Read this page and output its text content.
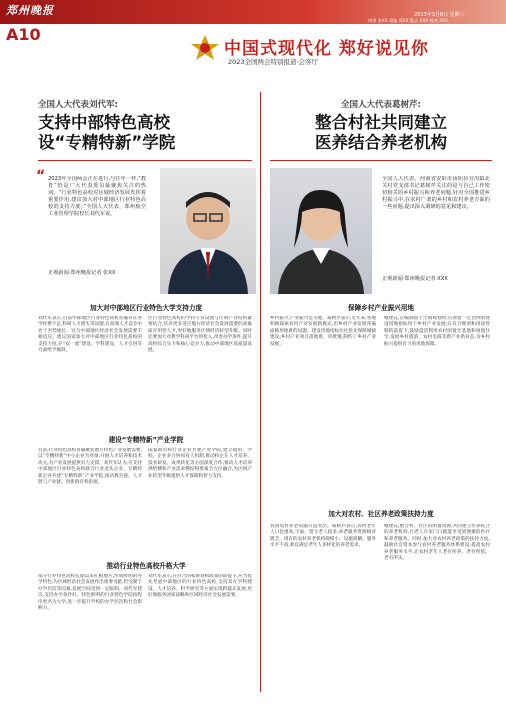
郑州晚报
A10
2023年3月8日 星期三
统筹 张XX 责编 郑XX 版式 XXX 校对 XXX
中国式现代化 郑好说见你
2023全国两会特别报道·会客厅
全国人大代表刘代军:
支持中部特色高校
设“专精特新”学院
“ 2023年全国两会正在进行,与往年一样,“教育”仍是广大代表委员最聚焦关注的热词。“行业特色高校对区域经济发展发挥着重要作用,建议加大对中部地区行业特色高校的支持力度。”全国人大代表、郑州航空工业管理学院校长刘代军说。
正观新闻·郑州晚报记者 张XX
加大对中部地区行业特色大学支持力度
刘代军表示,目前中部地区行业特色高校普遍存在办学经费不足,科研人才流失等问题,在高端人才竞争中处于劣势地位。这与中部地区经济社会发展需要不相适应。建议国家加大对中部地区行业特色高校的支持力度,在“双一流”建设、学科建设、人才引进等方面给予倾斜。
区行业特色高校的学科专业设置与区域产业结构紧密结合,培养更多适应地方经济社会发展需要的高素质应用型人才,更好地服务区域经济转型升级。同时还要加大对教学科研平台的投入,改善办学条件,提升高校综合实力和核心竞争力,推动中部地区高质量发展。
建设“专精特新”产业学院
目前,行业特色高校普遍聚焦地方特色产业发展需要,以“专精特新”中小企业为对象,开展人才培养和技术攻关,为产业发展提供有力支撑。刘代军认为,应支持中部地区行业特色高校联合行业龙头企业、专精特新企业共建“专精特新”产业学院,推动教育链、人才链与产业链、创新链有机衔接。
依靠政府和行业企业共建产业学院,建立政府、学校、企业多方协同育人机制,推动校企在人才培养、技术研发、成果转化等方面深度合作,推动人才培养供给侧和产业需求侧结构要素全方位融合,为区域产业转型升级提供人才保障和智力支持。
推动行业特色高校升格大学
部分行业特色高校长期以来扎根地方,形成鲜明的办学特色,为区域经济社会发展作出重要贡献,但受制于办学层次等因素,发展空间受到一定限制。刘代军建议,支持办学条件好、特色鲜明的行业特色学院按程序更名为大学,进一步提升学校的办学层次和社会影响力。
刘代军表示,在符合国家规划和政策的前提下,应当优先考虑中部地区的行业特色高校,支持其在学科建设、人才培养、科学研究等方面实现跨越式发展,更好地服务国家战略和区域经济社会发展需要。
全国人大代表葛树芹:
整合村社共同建立
医养结合养老机构
全国人大代表、河南省安阳市汤阴县宜沟镇北关村党支部书记葛树芹关注的是与自己工作密切相关的乡村振兴和养老问题,针对全国推进乡村振兴中,在农村广袤的乡村和农村养老方面的一些问题,提出深入调研的意见和建议。
正观新闻·郑州晚报记者 XXX
保障乡村产业振兴用地
乡村振兴,产业振兴是关键。葛树芹表示,近年来,各地积极探索农村产业发展新模式,但乡村产业发展普遍面临用地难的问题。建设用地指标往往优先保障城镇建设,乡村产业项目落地难、审批慢,制约了乡村产业发展。
她建议,在编制国土空间规划时,应预留一定比例的建设用地指标用于乡村产业发展;在符合规划和用途管制的前提下,鼓励盘活利用农村闲置宅基地和闲置住宅,发展乡村旅游、农村电商等新产业新业态,为乡村振兴提供有力的用地保障。
加大对农村、社区养老政策扶持力度
我国农村养老问题日益突出。葛树芹表示,农村老年人口比重高,空巢、留守老人较多,养老服务资源相对匮乏。现有的农村养老机构规模小、设施简陋、服务水平不高,难以满足老年人多样化的养老需求。
她建议,整合村、社区的闲置资源,共同建立医养结合的养老机构,让老人在家门口就能享受到便捷的医疗和养老服务。同时,加大对农村养老政策的扶持力度,鼓励社会资本参与农村养老服务体系建设,提高农村养老服务水平,让农村老年人老有所养、老有所依、老有所乐。
